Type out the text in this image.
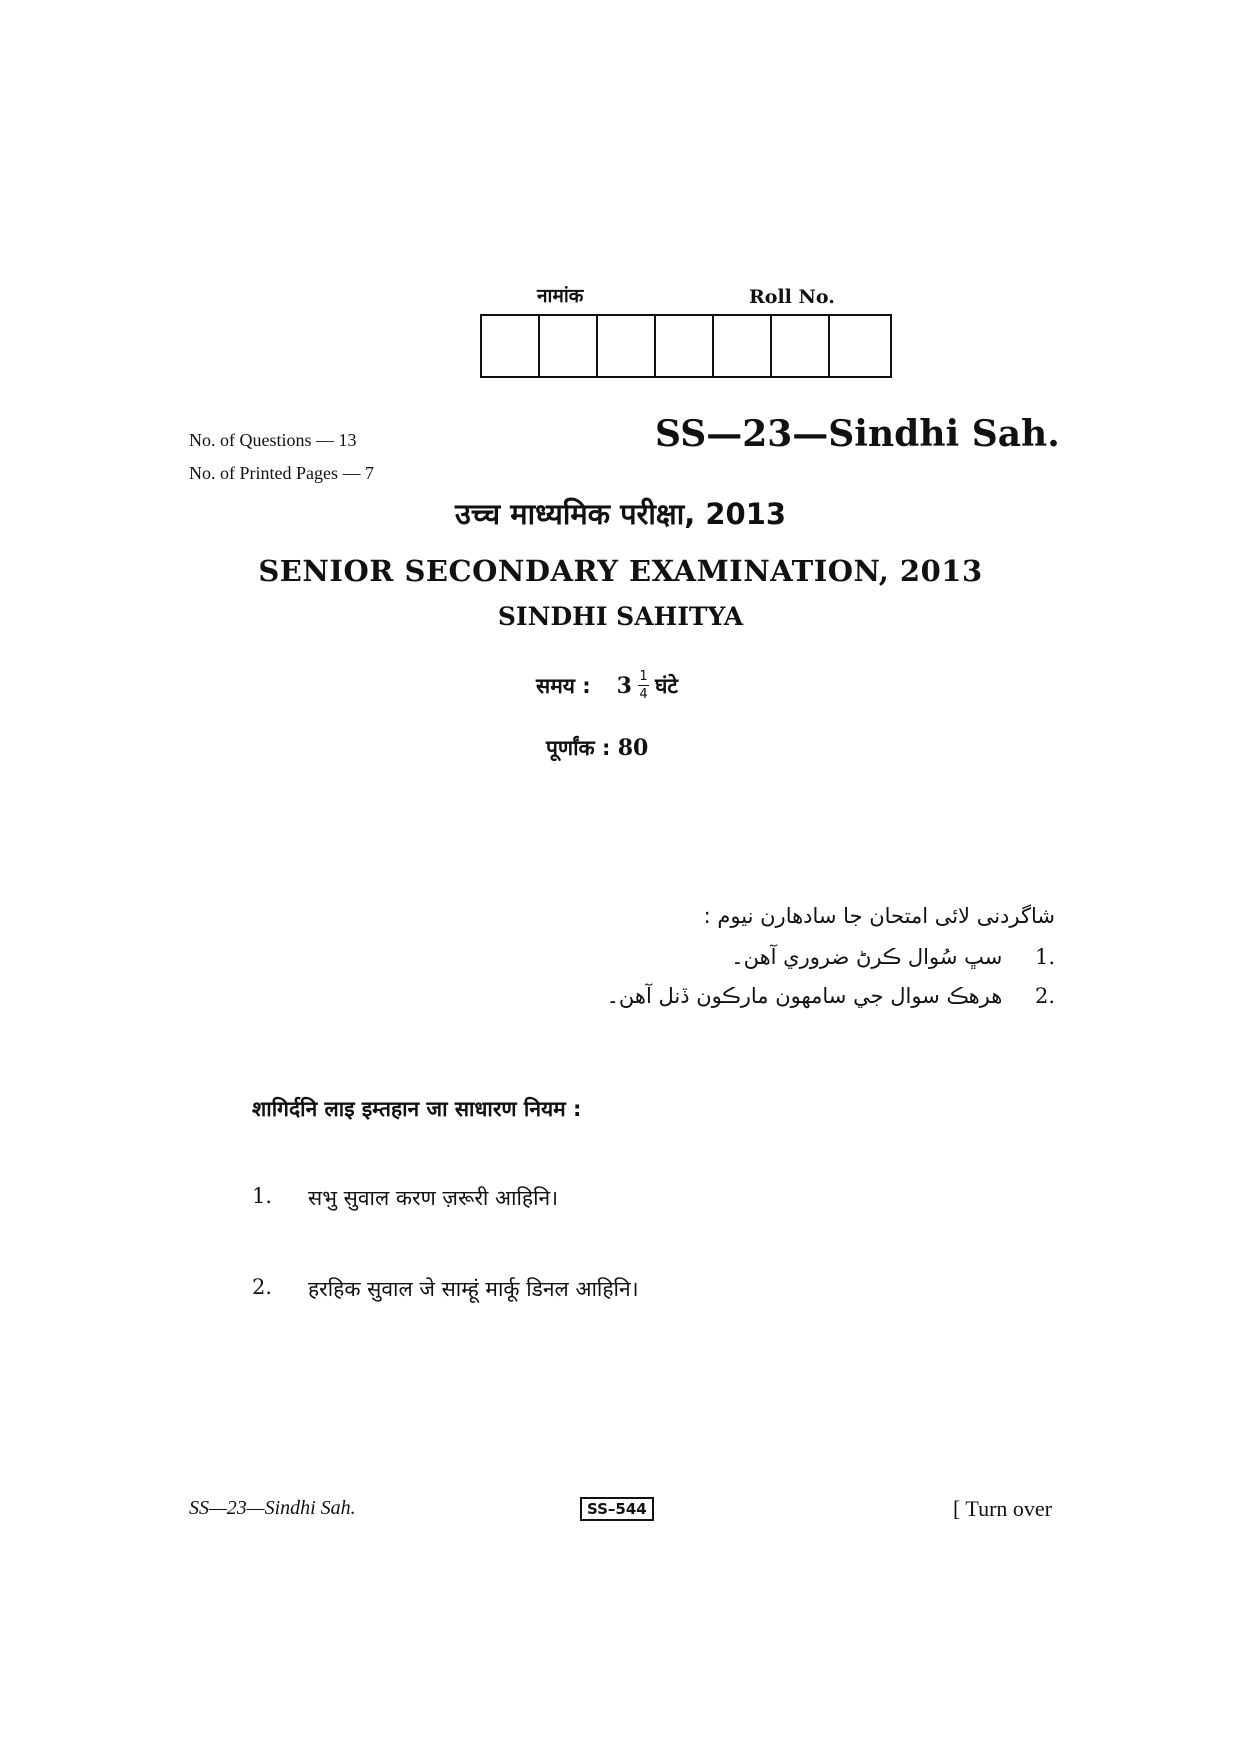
नामांक	Roll No.
No. of Questions — 13
No. of Printed Pages — 7
SS—23—Sindhi Sah.
उच्च माध्यमिक परीक्षा, 2013
SENIOR SECONDARY EXAMINATION, 2013
SINDHI SAHITYA
समय : $3 \frac{1}{4}$ घंटे
पूर्णांक : 80
شاگردنی لائی امتحان جا سادھارن نیوم :
1. سڀ سُوال ڪرڻ ضروري آھن۔
2. ھرھڪ سوال جي سامھون مارڪون ڏنل آھن۔
शागिर्दनि लाइ इम्तहान जा साधारण नियम :
1.	सभु सुवाल करण ज़रूरी आहिनि।
2.	हरहिक सुवाल जे साम्हूं मार्कू डिनल आहिनि।
SS—23—Sindhi Sah.	SS–544	[ Turn over
